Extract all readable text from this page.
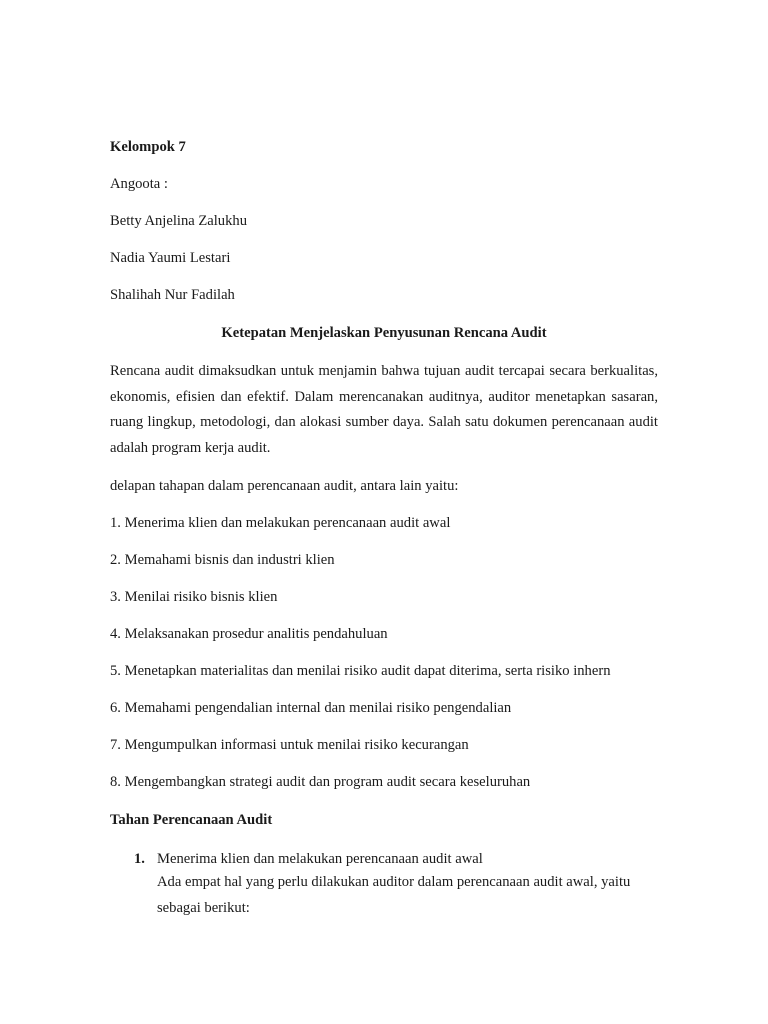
Kelompok 7

Angoota :

Betty Anjelina Zalukhu

Nadia Yaumi Lestari

Shalihah Nur Fadilah

Ketepatan Menjelaskan Penyusunan Rencana Audit

Rencana audit dimaksudkan untuk menjamin bahwa tujuan audit tercapai secara berkualitas, ekonomis, efisien dan efektif. Dalam merencanakan auditnya, auditor menetapkan sasaran, ruang lingkup, metodologi, dan alokasi sumber daya. Salah satu dokumen perencanaan audit adalah program kerja audit.

delapan tahapan dalam perencanaan audit, antara lain yaitu:

1. Menerima klien dan melakukan perencanaan audit awal

2. Memahami bisnis dan industri klien

3. Menilai risiko bisnis klien

4. Melaksanakan prosedur analitis pendahuluan

5. Menetapkan materialitas dan menilai risiko audit dapat diterima, serta risiko inhern

6. Memahami pengendalian internal dan menilai risiko pengendalian

7. Mengumpulkan informasi untuk menilai risiko kecurangan

8. Mengembangkan strategi audit dan program audit secara keseluruhan

Tahan Perencanaan Audit

1. Menerima klien dan melakukan perencanaan audit awal
Ada empat hal yang perlu dilakukan auditor dalam perencanaan audit awal, yaitu sebagai berikut:
